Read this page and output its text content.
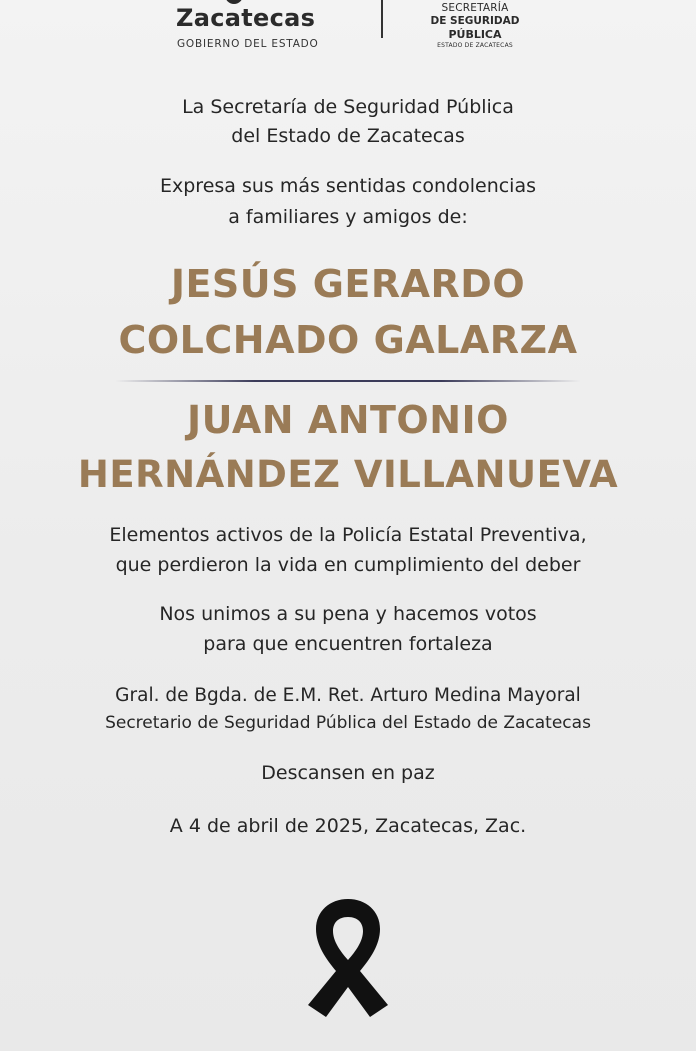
Zacatecas
GOBIERNO DEL ESTADO
SECRETARÍA
DE SEGURIDAD
PÚBLICA
ESTADO DE ZACATECAS
La Secretaría de Seguridad Pública
del Estado de Zacatecas
Expresa sus más sentidas condolencias
a familiares y amigos de:
JESÚS GERARDO
COLCHADO GALARZA
JUAN ANTONIO
HERNÁNDEZ VILLANUEVA
Elementos activos de la Policía Estatal Preventiva,
que perdieron la vida en cumplimiento del deber
Nos unimos a su pena y hacemos votos
para que encuentren fortaleza
Gral. de Bgda. de E.M. Ret. Arturo Medina Mayoral
Secretario de Seguridad Pública del Estado de Zacatecas
Descansen en paz
A 4 de abril de 2025, Zacatecas, Zac.
